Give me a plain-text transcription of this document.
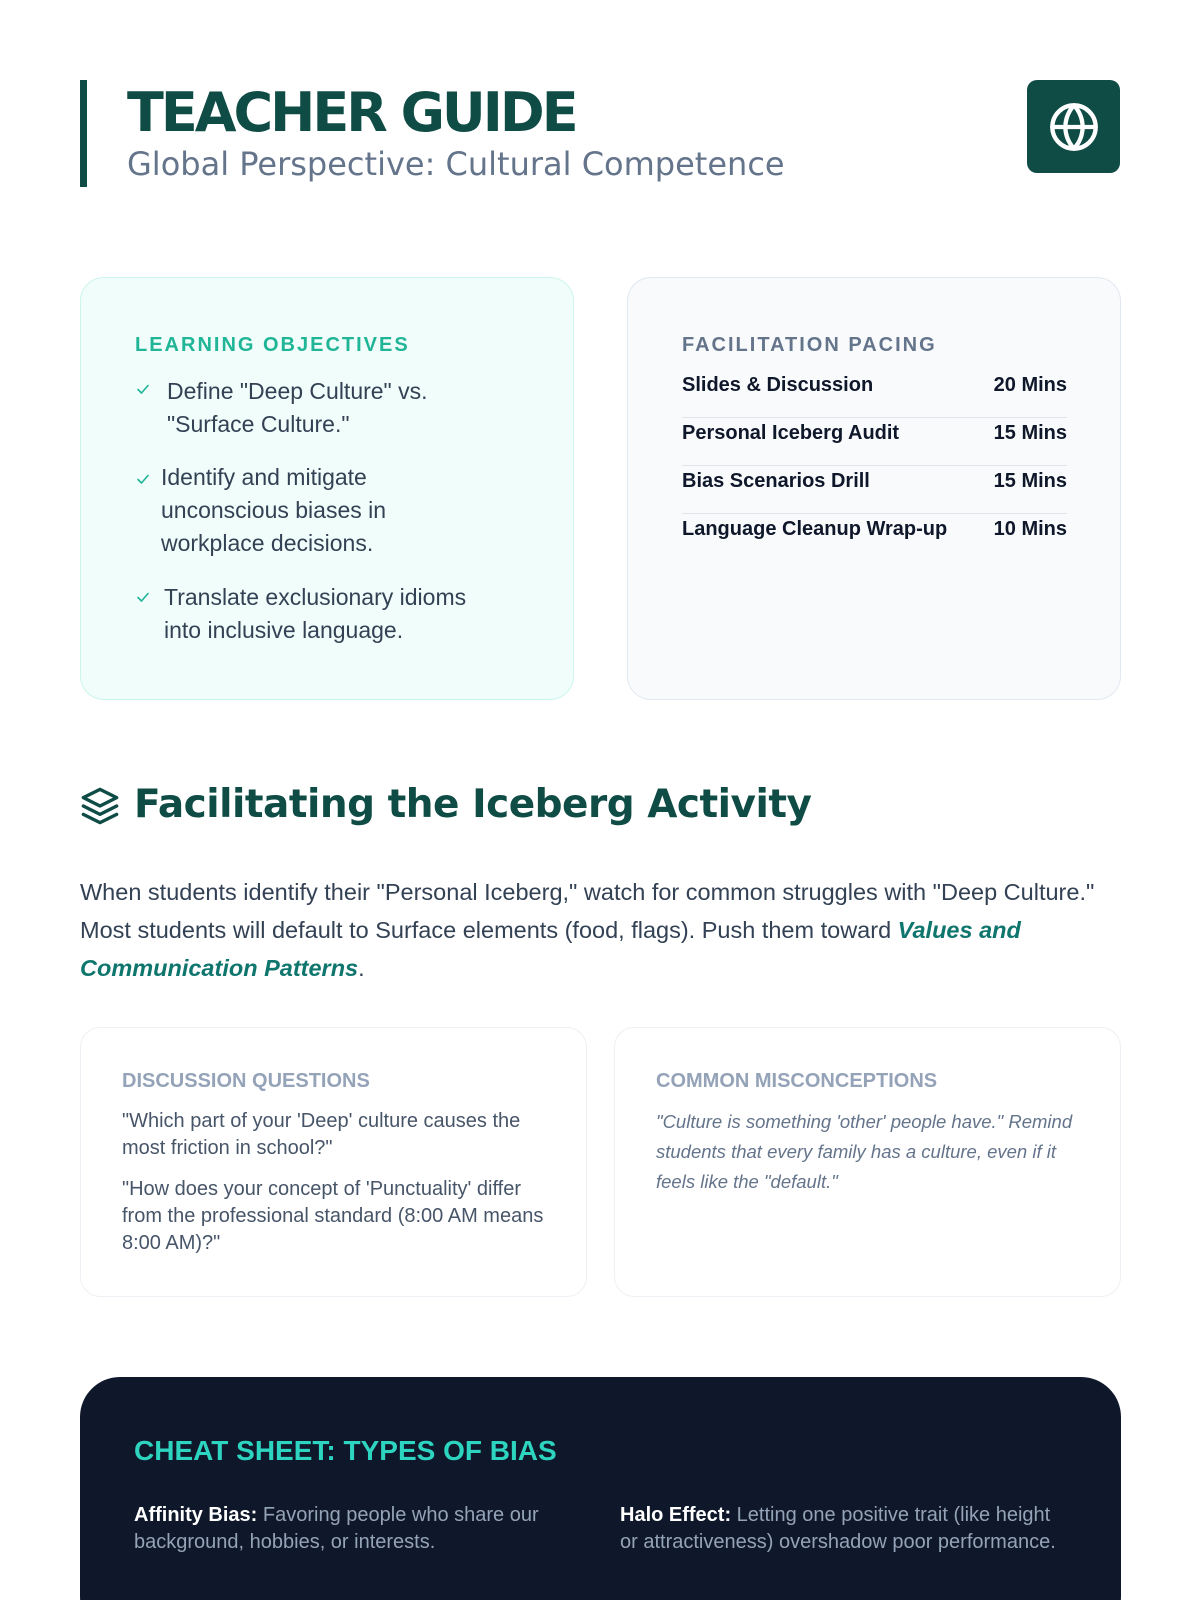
TEACHER GUIDE
Global Perspective: Cultural Competence
LEARNING OBJECTIVES
Define "Deep Culture" vs.
"Surface Culture."
Identify and mitigate
unconscious biases in
workplace decisions.
Translate exclusionary idioms
into inclusive language.
FACILITATION PACING
Slides & Discussion	20 Mins
Personal Iceberg Audit	15 Mins
Bias Scenarios Drill	15 Mins
Language Cleanup Wrap-up 10 Mins
Facilitating the Iceberg Activity

When students identify their "Personal Iceberg," watch for common struggles with "Deep Culture." Most students will default to Surface elements (food, flags). Push them toward Values and Communication Patterns.

DISCUSSION QUESTIONS
"Which part of your 'Deep' culture causes the most friction in school?"
"How does your concept of 'Punctuality' differ from the professional standard (8:00 AM means 8:00 AM)?"
COMMON MISCONCEPTIONS
"Culture is something 'other' people have." Remind students that every family has a culture, even if it feels like the "default."
CHEAT SHEET: TYPES OF BIAS
Affinity Bias: Favoring people who share our background, hobbies, or interests.
Halo Effect: Letting one positive trait (like height or attractiveness) overshadow poor performance.
